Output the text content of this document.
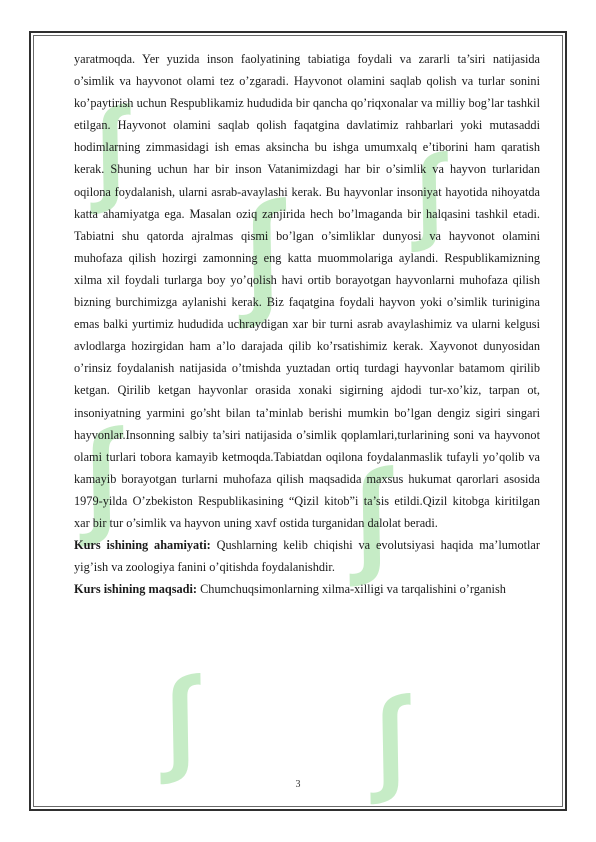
ʃ
ʃ
ʃ ʃ
ʃ ʃ
ʃ

yaratmoqda. Yer yuzida inson faolyatining tabiatiga foydali va zararli ta’siri natijasida o’simlik va hayvonot olami tez o’zgaradi. Hayvonot olamini saqlab qolish va turlar sonini ko’paytirish uchun Respublikamiz hududida bir qancha qo’riqxonalar va milliy bog’lar tashkil etilgan. Hayvonot olamini saqlab qolish faqatgina davlatimiz rahbarlari yoki mutasaddi hodimlarning zimmasidagi ish emas aksincha bu ishga umumxalq e’tiborini ham qaratish kerak. Shuning uchun har bir inson Vatanimizdagi har bir o’simlik va hayvon turlaridan oqilona foydalanish, ularni asrab-avaylashi kerak. Bu hayvonlar insoniyat hayotida nihoyatda katta ahamiyatga ega. Masalan oziq zanjirida hech bo’lmaganda bir halqasini tashkil etadi. Tabiatni shu qatorda ajralmas qismi bo’lgan o’simliklar dunyosi va hayvonot olamini muhofaza qilish hozirgi zamonning eng katta muommolariga aylandi. Respublikamizning xilma xil foydali turlarga boy yo’qolish havi ortib borayotgan hayvonlarni muhofaza qilish bizning burchimizga aylanishi kerak. Biz faqatgina foydali hayvon yoki o’simlik turinigina emas balki yurtimiz hududida uchraydigan xar bir turni asrab avaylashimiz va ularni kelgusi avlodlarga hozirgidan ham a’lo darajada qilib ko’rsatishimiz kerak. Xayvonot dunyosidan o’rinsiz foydalanish natijasida o’tmishda yuztadan ortiq turdagi hayvonlar batamom qirilib ketgan. Qirilib ketgan hayvonlar orasida xonaki sigirning ajdodi tur-xo’kiz, tarpan ot, insoniyatning yarmini go’sht bilan ta’minlab berishi mumkin bo’lgan dengiz sigiri singari hayvonlar.Insonning salbiy ta’siri natijasida o’simlik qoplamlari,turlarining soni va hayvonot olami turlari tobora kamayib ketmoqda.Tabiatdan oqilona foydalanmaslik tufayli yo’qolib va kamayib borayotgan turlarni muhofaza qilish maqsadida maxsus hukumat qarorlari asosida 1979-yilda O’zbekiston Respublikasining “Qizil kitob”i ta’sis etildi.Qizil kitobga kiritilgan xar bir tur o’simlik va hayvon uning xavf ostida turganidan dalolat beradi.

Kurs ishining ahamiyati: Qushlarning kelib chiqishi va evolutsiyasi haqida ma’lumotlar yig’ish va zoologiya fanini o’qitishda foydalanishdir.

Kurs ishining maqsadi: Chumchuqsimonlarning xilma-xilligi va tarqalishini o’rganish

3
